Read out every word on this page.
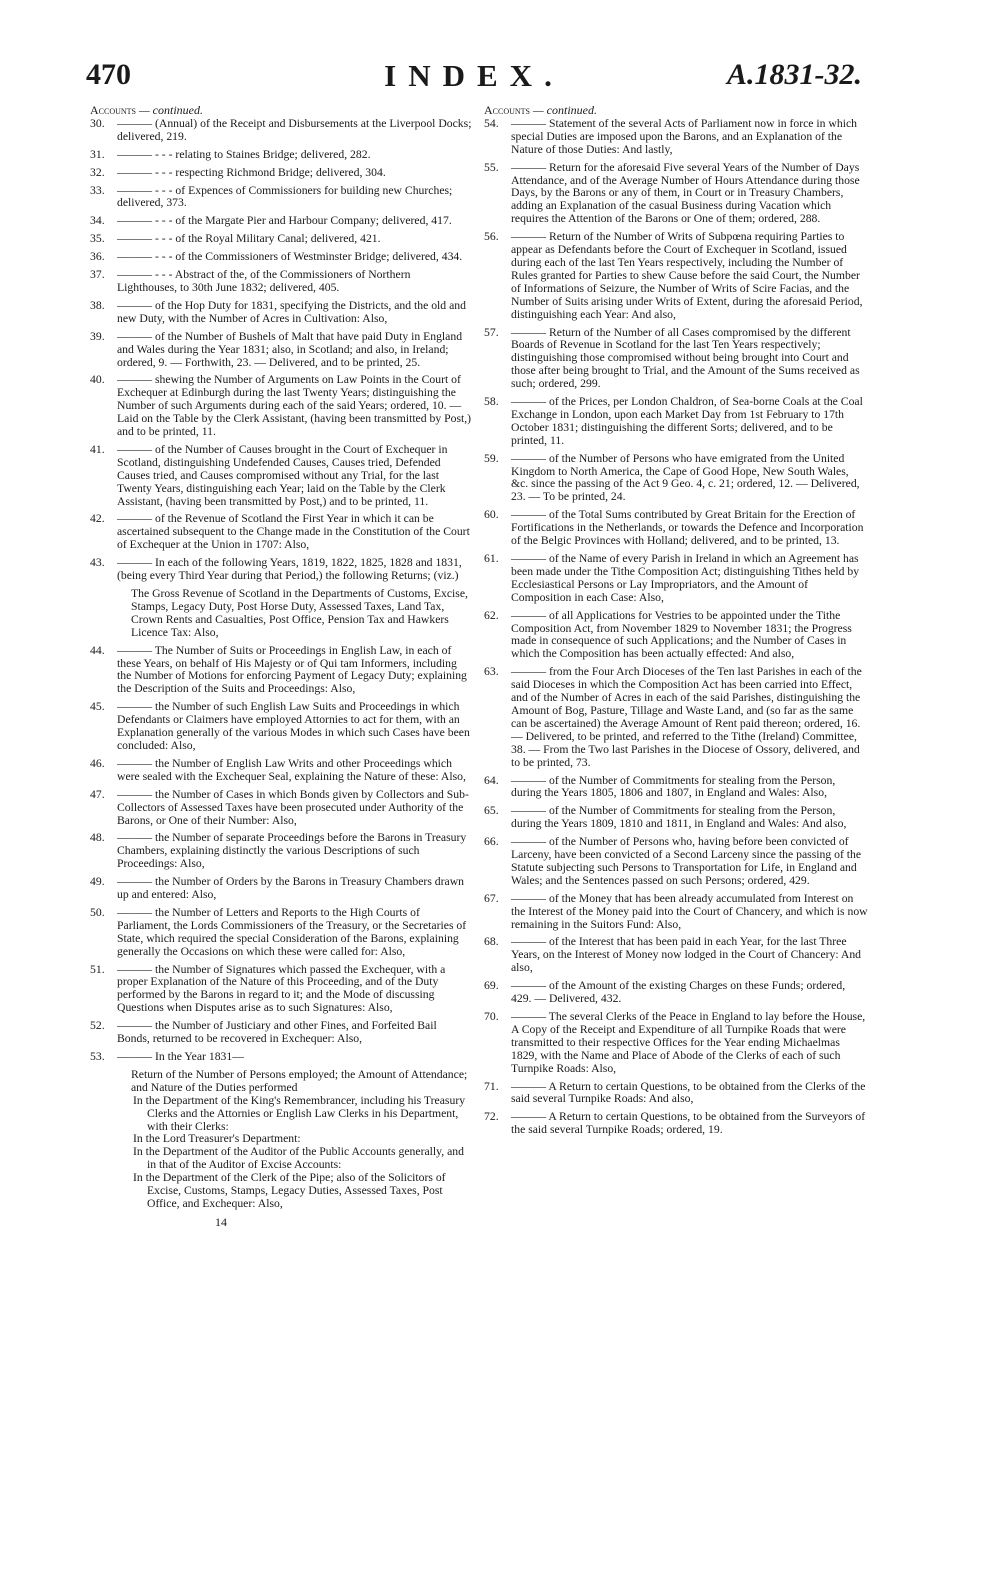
470	INDEX.	A.1831-32.
Accounts — continued.
30.	——— (Annual) of the Receipt and Disbursements at the Liverpool Docks; delivered, 219.
31.	——— - - - relating to Staines Bridge; delivered, 282.
32.	——— - - - respecting Richmond Bridge; delivered, 304.
33.	——— - - - of Expences of Commissioners for building new Churches; delivered, 373.
34.	——— - - - of the Margate Pier and Harbour Company; delivered, 417.
35.	——— - - - of the Royal Military Canal; delivered, 421.
36.	——— - - - of the Commissioners of Westminster Bridge; delivered, 434.
37.	——— - - - Abstract of the, of the Commissioners of Northern Lighthouses, to 30th June 1832; delivered, 405.
38.	——— of the Hop Duty for 1831, specifying the Districts, and the old and new Duty, with the Number of Acres in Cultivation: Also,
39.	——— of the Number of Bushels of Malt that have paid Duty in England and Wales during the Year 1831; also, in Scotland; and also, in Ireland; ordered, 9. — Forthwith, 23. — Delivered, and to be printed, 25.
40.	——— shewing the Number of Arguments on Law Points in the Court of Exchequer at Edinburgh during the last Twenty Years; distinguishing the Number of such Arguments during each of the said Years; ordered, 10. — Laid on the Table by the Clerk Assistant, (having been transmitted by Post,) and to be printed, 11.
41.	——— of the Number of Causes brought in the Court of Exchequer in Scotland, distinguishing Undefended Causes, Causes tried, Defended Causes tried, and Causes compromised without any Trial, for the last Twenty Years, distinguishing each Year; laid on the Table by the Clerk Assistant, (having been transmitted by Post,) and to be printed, 11.
42.	——— of the Revenue of Scotland the First Year in which it can be ascertained subsequent to the Change made in the Constitution of the Court of Exchequer at the Union in 1707: Also,
43.	——— In each of the following Years, 1819, 1822, 1825, 1828 and 1831, (being every Third Year during that Period,) the following Returns; (viz.)
The Gross Revenue of Scotland in the Departments of Customs, Excise, Stamps, Legacy Duty, Post Horse Duty, Assessed Taxes, Land Tax, Crown Rents and Casualties, Post Office, Pension Tax and Hawkers Licence Tax: Also,
44.	——— The Number of Suits or Proceedings in English Law, in each of these Years, on behalf of His Majesty or of Qui tam Informers, including the Number of Motions for enforcing Payment of Legacy Duty; explaining the Description of the Suits and Proceedings: Also,
45.	——— the Number of such English Law Suits and Proceedings in which Defendants or Claimers have employed Attornies to act for them, with an Explanation generally of the various Modes in which such Cases have been concluded: Also,
46.	——— the Number of English Law Writs and other Proceedings which were sealed with the Exchequer Seal, explaining the Nature of these: Also,
47.	——— the Number of Cases in which Bonds given by Collectors and Sub-Collectors of Assessed Taxes have been prosecuted under Authority of the Barons, or One of their Number: Also,
48.	——— the Number of separate Proceedings before the Barons in Treasury Chambers, explaining distinctly the various Descriptions of such Proceedings: Also,
49.	——— the Number of Orders by the Barons in Treasury Chambers drawn up and entered: Also,
50.	——— the Number of Letters and Reports to the High Courts of Parliament, the Lords Commissioners of the Treasury, or the Secretaries of State, which required the special Consideration of the Barons, explaining generally the Occasions on which these were called for: Also,
51.	——— the Number of Signatures which passed the Exchequer, with a proper Explanation of the Nature of this Proceeding, and of the Duty performed by the Barons in regard to it; and the Mode of discussing Questions when Disputes arise as to such Signatures: Also,
52.	——— the Number of Justiciary and other Fines, and Forfeited Bail Bonds, returned to be recovered in Exchequer: Also,
53.	——— In the Year 1831—
Return of the Number of Persons employed; the Amount of Attendance; and Nature of the Duties performed
In the Department of the King's Remembrancer, including his Treasury Clerks and the Attornies or English Law Clerks in his Department, with their Clerks:
In the Lord Treasurer's Department:
In the Department of the Auditor of the Public Accounts generally, and in that of the Auditor of Excise Accounts:
In the Department of the Clerk of the Pipe; also of the Solicitors of Excise, Customs, Stamps, Legacy Duties, Assessed Taxes, Post Office, and Exchequer: Also,
14
Accounts — continued.
54.	——— Statement of the several Acts of Parliament now in force in which special Duties are imposed upon the Barons, and an Explanation of the Nature of those Duties: And lastly,
55.	——— Return for the aforesaid Five several Years of the Number of Days Attendance, and of the Average Number of Hours Attendance during those Days, by the Barons or any of them, in Court or in Treasury Chambers, adding an Explanation of the casual Business during Vacation which requires the Attention of the Barons or One of them; ordered, 288.
56.	——— Return of the Number of Writs of Subpœna requiring Parties to appear as Defendants before the Court of Exchequer in Scotland, issued during each of the last Ten Years respectively, including the Number of Rules granted for Parties to shew Cause before the said Court, the Number of Informations of Seizure, the Number of Writs of Scire Facias, and the Number of Suits arising under Writs of Extent, during the aforesaid Period, distinguishing each Year: And also,
57.	——— Return of the Number of all Cases compromised by the different Boards of Revenue in Scotland for the last Ten Years respectively; distinguishing those compromised without being brought into Court and those after being brought to Trial, and the Amount of the Sums received as such; ordered, 299.
58.	——— of the Prices, per London Chaldron, of Sea-borne Coals at the Coal Exchange in London, upon each Market Day from 1st February to 17th October 1831; distinguishing the different Sorts; delivered, and to be printed, 11.
59.	——— of the Number of Persons who have emigrated from the United Kingdom to North America, the Cape of Good Hope, New South Wales, &c. since the passing of the Act 9 Geo. 4, c. 21; ordered, 12. — Delivered, 23. — To be printed, 24.
60.	——— of the Total Sums contributed by Great Britain for the Erection of Fortifications in the Netherlands, or towards the Defence and Incorporation of the Belgic Provinces with Holland; delivered, and to be printed, 13.
61.	——— of the Name of every Parish in Ireland in which an Agreement has been made under the Tithe Composition Act; distinguishing Tithes held by Ecclesiastical Persons or Lay Impropriators, and the Amount of Composition in each Case: Also,
62.	——— of all Applications for Vestries to be appointed under the Tithe Composition Act, from November 1829 to November 1831; the Progress made in consequence of such Applications; and the Number of Cases in which the Composition has been actually effected: And also,
63.	——— from the Four Arch Dioceses of the Ten last Parishes in each of the said Dioceses in which the Composition Act has been carried into Effect, and of the Number of Acres in each of the said Parishes, distinguishing the Amount of Bog, Pasture, Tillage and Waste Land, and (so far as the same can be ascertained) the Average Amount of Rent paid thereon; ordered, 16. — Delivered, to be printed, and referred to the Tithe (Ireland) Committee, 38. — From the Two last Parishes in the Diocese of Ossory, delivered, and to be printed, 73.
64.	——— of the Number of Commitments for stealing from the Person, during the Years 1805, 1806 and 1807, in England and Wales: Also,
65.	——— of the Number of Commitments for stealing from the Person, during the Years 1809, 1810 and 1811, in England and Wales: And also,
66.	——— of the Number of Persons who, having before been convicted of Larceny, have been convicted of a Second Larceny since the passing of the Statute subjecting such Persons to Transportation for Life, in England and Wales; and the Sentences passed on such Persons; ordered, 429.
67.	——— of the Money that has been already accumulated from Interest on the Interest of the Money paid into the Court of Chancery, and which is now remaining in the Suitors Fund: Also,
68.	——— of the Interest that has been paid in each Year, for the last Three Years, on the Interest of Money now lodged in the Court of Chancery: And also,
69.	——— of the Amount of the existing Charges on these Funds; ordered, 429. — Delivered, 432.
70.	——— The several Clerks of the Peace in England to lay before the House, A Copy of the Receipt and Expenditure of all Turnpike Roads that were transmitted to their respective Offices for the Year ending Michaelmas 1829, with the Name and Place of Abode of the Clerks of each of such Turnpike Roads: Also,
71.	——— A Return to certain Questions, to be obtained from the Clerks of the said several Turnpike Roads: And also,
72.	——— A Return to certain Questions, to be obtained from the Surveyors of the said several Turnpike Roads; ordered, 19.
